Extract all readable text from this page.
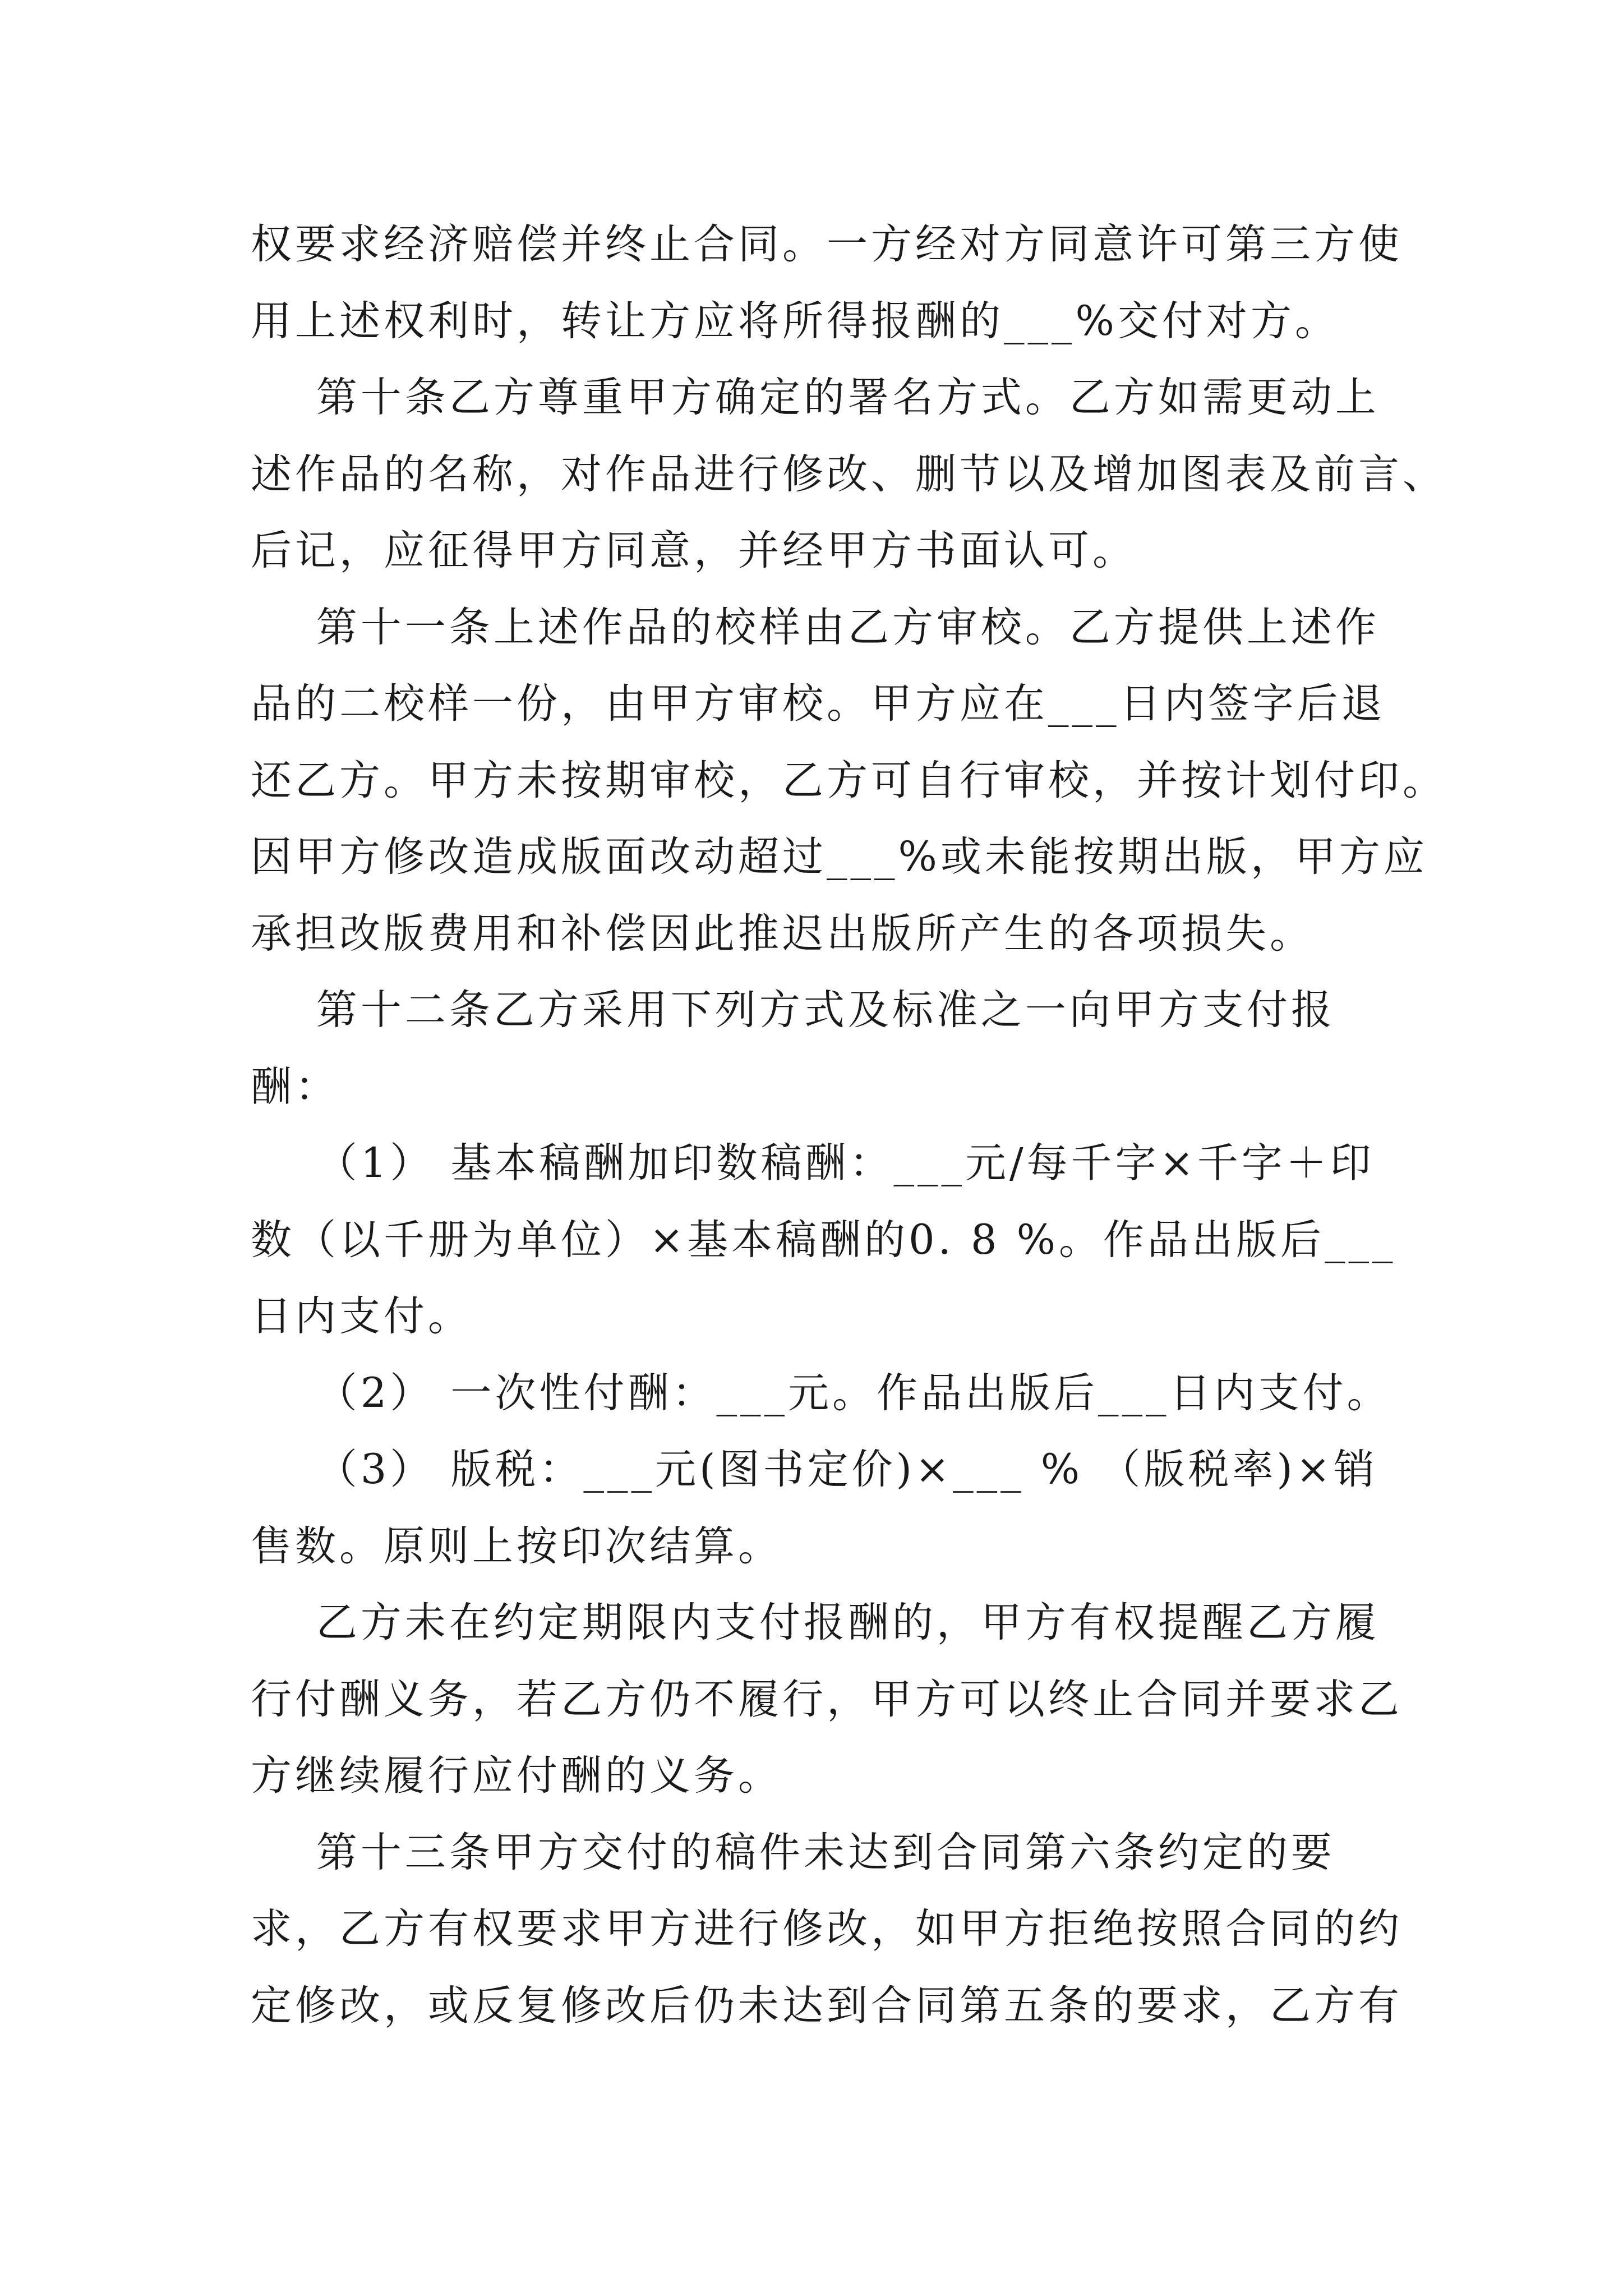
权要求经济赔偿并终止合同。一方经对方同意许可第三方使
用上述权利时，转让方应将所得报酬的___%交付对方。
第十条乙方尊重甲方确定的署名方式。乙方如需更动上
述作品的名称，对作品进行修改、删节以及增加图表及前言、
后记，应征得甲方同意，并经甲方书面认可。
第十一条上述作品的校样由乙方审校。乙方提供上述作
品的二校样一份，由甲方审校。甲方应在___日内签字后退
还乙方。甲方未按期审校，乙方可自行审校，并按计划付印。
因甲方修改造成版面改动超过___%或未能按期出版，甲方应
承担改版费用和补偿因此推迟出版所产生的各项损失。
第十二条乙方采用下列方式及标准之一向甲方支付报
酬：
（1） 基本稿酬加印数稿酬：___元/每千字×千字＋印
数（以千册为单位）×基本稿酬的0. 8 %。作品出版后___
日内支付。
（2） 一次性付酬：___元。作品出版后___日内支付。
（3） 版税：___元(图书定价)×___ % （版税率)×销
售数。原则上按印次结算。
乙方未在约定期限内支付报酬的，甲方有权提醒乙方履
行付酬义务，若乙方仍不履行，甲方可以终止合同并要求乙
方继续履行应付酬的义务。
第十三条甲方交付的稿件未达到合同第六条约定的要
求，乙方有权要求甲方进行修改，如甲方拒绝按照合同的约
定修改，或反复修改后仍未达到合同第五条的要求，乙方有
